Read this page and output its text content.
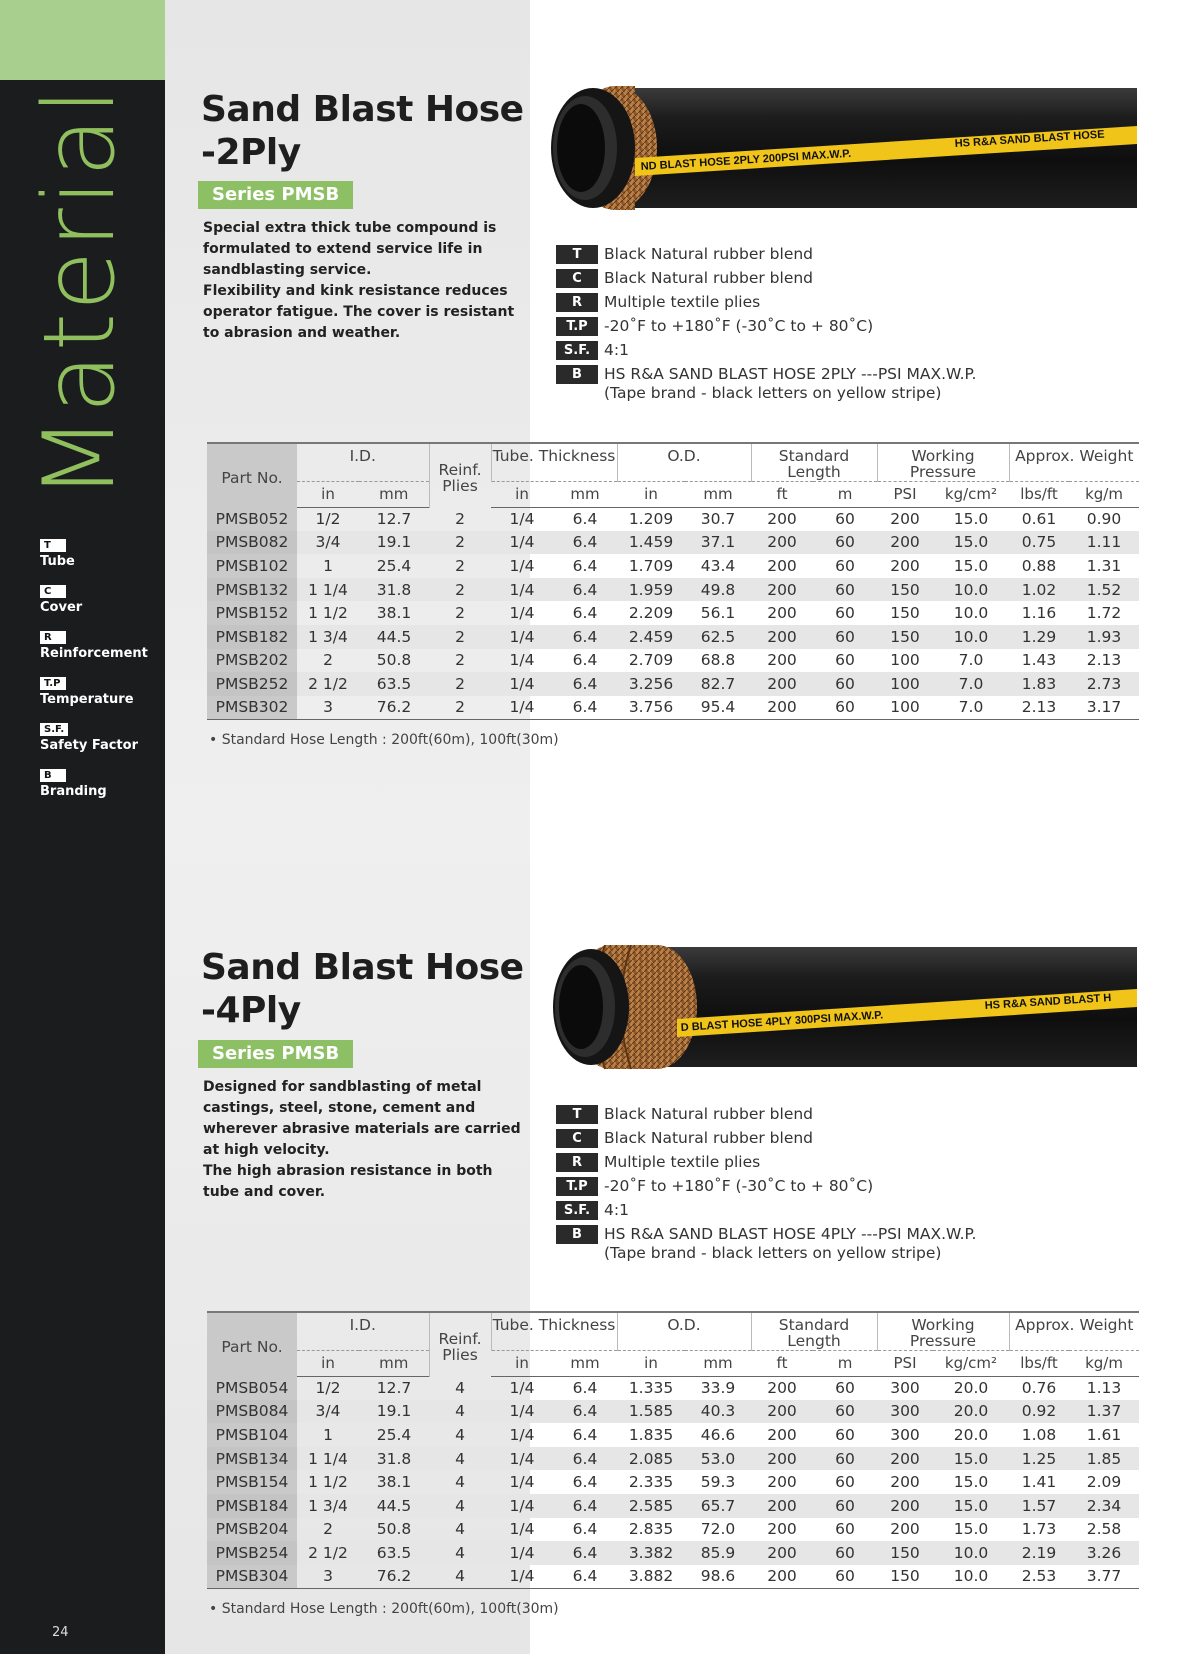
Material
T
Tube
C
Cover
R
Reinforcement
T.P
Temperature
S.F.
Safety Factor
B
Branding
24
Sand Blast Hose
-2Ply
Series PMSB
Special extra thick tube compound is formulated to extend service life in sandblasting service.
Flexibility and kink resistance reduces operator fatigue. The cover is resistant to abrasion and weather.
ND BLAST HOSE 2PLY 200PSI MAX.W.P.
HS R&A SAND BLAST HOSE
T	Black Natural rubber blend
C	Black Natural rubber blend
R	Multiple textile plies
T.P	-20˚F to +180˚F (-30˚C to + 80˚C)
S.F. 4:1
B	HS R&A SAND BLAST HOSE 2PLY ---PSI MAX.W.P.
(Tape brand - black letters on yellow stripe)
Part No.	I.D.		Reinf. Plies	Tube. Thickness		O.D.		Standard Length		Working Pressure		Approx. Weight	
	in	mm		in	mm	in	mm	ft	m	PSI	kg/cm²	lbs/ft	kg/m
PMSB052	1/2	12.7	2	1/4	6.4	1.209	30.7	200	60	200	15.0	0.61	0.90
PMSB082	3/4	19.1	2	1/4	6.4	1.459	37.1	200	60	200	15.0	0.75	1.11
PMSB102	1	25.4	2	1/4	6.4	1.709	43.4	200	60	200	15.0	0.88	1.31
PMSB132	1 1/4	31.8	2	1/4	6.4	1.959	49.8	200	60	150	10.0	1.02	1.52
PMSB152	1 1/2	38.1	2	1/4	6.4	2.209	56.1	200	60	150	10.0	1.16	1.72
PMSB182	1 3/4	44.5	2	1/4	6.4	2.459	62.5	200	60	150	10.0	1.29	1.93
PMSB202	2	50.8	2	1/4	6.4	2.709	68.8	200	60	100	7.0	1.43	2.13
PMSB252	2 1/2	63.5	2	1/4	6.4	3.256	82.7	200	60	100	7.0	1.83	2.73
PMSB302	3	76.2	2	1/4	6.4	3.756	95.4	200	60	100	7.0	2.13	3.17
• Standard Hose Length : 200ft(60m), 100ft(30m)
Sand Blast Hose
-4Ply
Series PMSB
Designed for sandblasting of metal castings, steel, stone, cement and wherever abrasive materials are carried at high velocity.
The high abrasion resistance in both tube and cover.
D BLAST HOSE 4PLY 300PSI MAX.W.P.
HS R&A SAND BLAST H
T	Black Natural rubber blend
C	Black Natural rubber blend
R	Multiple textile plies
T.P	-20˚F to +180˚F (-30˚C to + 80˚C)
S.F. 4:1
B	HS R&A SAND BLAST HOSE 4PLY ---PSI MAX.W.P.
(Tape brand - black letters on yellow stripe)
Part No.	I.D.		Reinf. Plies	Tube. Thickness		O.D.		Standard Length		Working Pressure		Approx. Weight	
	in	mm		in	mm	in	mm	ft	m	PSI	kg/cm²	lbs/ft	kg/m
PMSB054	1/2	12.7	4	1/4	6.4	1.335	33.9	200	60	300	20.0	0.76	1.13
PMSB084	3/4	19.1	4	1/4	6.4	1.585	40.3	200	60	300	20.0	0.92	1.37
PMSB104	1	25.4	4	1/4	6.4	1.835	46.6	200	60	300	20.0	1.08	1.61
PMSB134	1 1/4	31.8	4	1/4	6.4	2.085	53.0	200	60	200	15.0	1.25	1.85
PMSB154	1 1/2	38.1	4	1/4	6.4	2.335	59.3	200	60	200	15.0	1.41	2.09
PMSB184	1 3/4	44.5	4	1/4	6.4	2.585	65.7	200	60	200	15.0	1.57	2.34
PMSB204	2	50.8	4	1/4	6.4	2.835	72.0	200	60	200	15.0	1.73	2.58
PMSB254	2 1/2	63.5	4	1/4	6.4	3.382	85.9	200	60	150	10.0	2.19	3.26
PMSB304	3	76.2	4	1/4	6.4	3.882	98.6	200	60	150	10.0	2.53	3.77
• Standard Hose Length : 200ft(60m), 100ft(30m)
